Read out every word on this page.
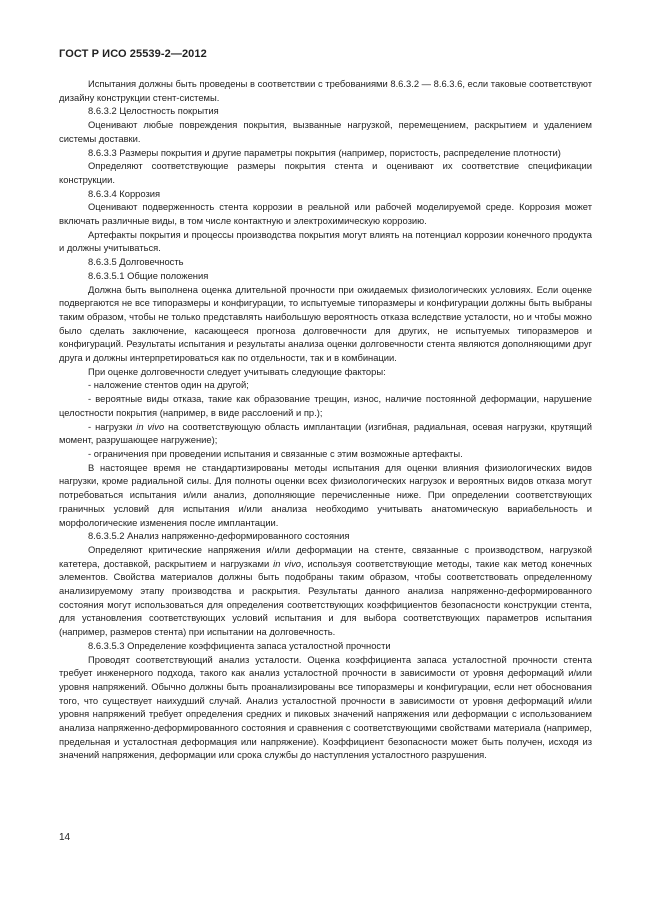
ГОСТ Р ИСО 25539-2—2012

Испытания должны быть проведены в соответствии с требованиями 8.6.3.2 — 8.6.3.6, если таковые соответствуют дизайну конструкции стент-системы.

8.6.3.2 Целостность покрытия

Оценивают любые повреждения покрытия, вызванные нагрузкой, перемещением, раскрытием и удалением системы доставки.

8.6.3.3 Размеры покрытия и другие параметры покрытия (например, пористость, распределение плотности)

Определяют соответствующие размеры покрытия стента и оценивают их соответствие спецификации конструкции.

8.6.3.4 Коррозия

Оценивают подверженность стента коррозии в реальной или рабочей моделируемой среде. Коррозия может включать различные виды, в том числе контактную и электрохимическую коррозию.

Артефакты покрытия и процессы производства покрытия могут влиять на потенциал коррозии конечного продукта и должны учитываться.

8.6.3.5 Долговечность

8.6.3.5.1 Общие положения

Должна быть выполнена оценка длительной прочности при ожидаемых физиологических условиях. Если оценке подвергаются не все типоразмеры и конфигурации, то испытуемые типоразмеры и конфигурации должны быть выбраны таким образом, чтобы не только представлять наибольшую вероятность отказа вследствие усталости, но и чтобы можно было сделать заключение, касающееся прогноза долговечности для других, не испытуемых типоразмеров и конфигураций. Результаты испытания и результаты анализа оценки долговечности стента являются дополняющими друг друга и должны интерпретироваться как по отдельности, так и в комбинации.

При оценке долговечности следует учитывать следующие факторы:

- наложение стентов один на другой;

- вероятные виды отказа, такие как образование трещин, износ, наличие постоянной деформации, нарушение целостности покрытия (например, в виде расслоений и пр.);

- нагрузки in vivo на соответствующую область имплантации (изгибная, радиальная, осевая нагрузки, крутящий момент, разрушающее нагружение);

- ограничения при проведении испытания и связанные с этим возможные артефакты.

В настоящее время не стандартизированы методы испытания для оценки влияния физиологических видов нагрузки, кроме радиальной силы. Для полноты оценки всех физиологических нагрузок и вероятных видов отказа могут потребоваться испытания и/или анализ, дополняющие перечисленные ниже. При определении соответствующих граничных условий для испытания и/или анализа необходимо учитывать анатомическую вариабельность и морфологические изменения после имплантации.

8.6.3.5.2 Анализ напряженно-деформированного состояния

Определяют критические напряжения и/или деформации на стенте, связанные с производством, нагрузкой катетера, доставкой, раскрытием и нагрузками in vivo, используя соответствующие методы, такие как метод конечных элементов. Свойства материалов должны быть подобраны таким образом, чтобы соответствовать определенному анализируемому этапу производства и раскрытия. Результаты данного анализа напряженно-деформированного состояния могут использоваться для определения соответствующих коэффициентов безопасности конструкции стента, для установления соответствующих условий испытания и для выбора соответствующих параметров испытания (например, размеров стента) при испытании на долговечность.

8.6.3.5.3 Определение коэффициента запаса усталостной прочности

Проводят соответствующий анализ усталости. Оценка коэффициента запаса усталостной прочности стента требует инженерного подхода, такого как анализ усталостной прочности в зависимости от уровня деформаций и/или уровня напряжений. Обычно должны быть проанализированы все типоразмеры и конфигурации, если нет обоснования того, что существует наихудший случай. Анализ усталостной прочности в зависимости от уровня деформаций и/или уровня напряжений требует определения средних и пиковых значений напряжения или деформации с использованием анализа напряженно-деформированного состояния и сравнения с соответствующими свойствами материала (например, предельная и усталостная деформация или напряжение). Коэффициент безопасности может быть получен, исходя из значений напряжения, деформации или срока службы до наступления усталостного разрушения.

14
